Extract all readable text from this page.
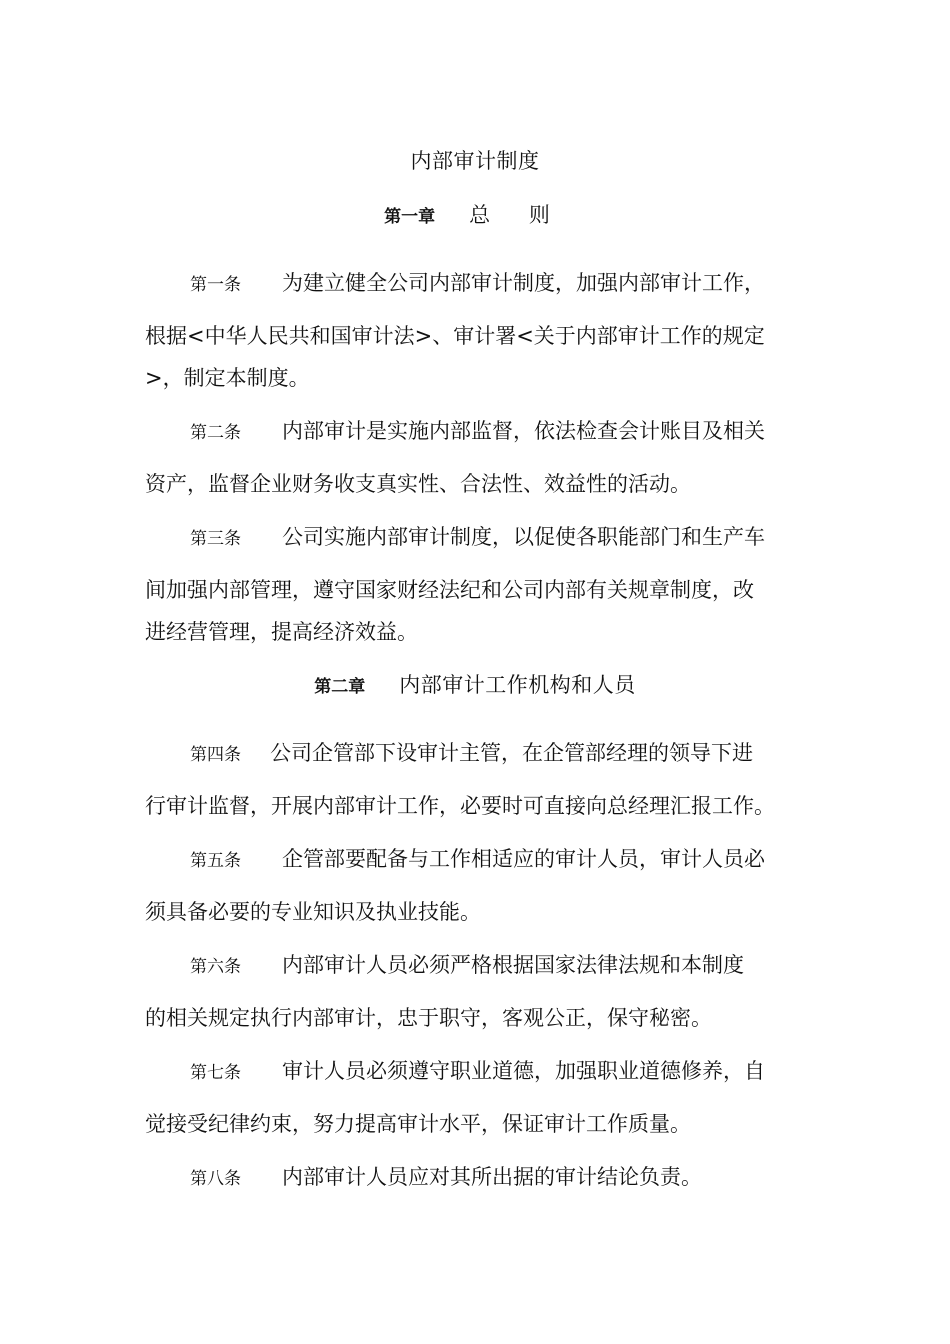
内部审计制度
第一章 总 则
第一条 为建立健全公司内部审计制度，加强内部审计工作，
根据<中华人民共和国审计法>、审计署<关于内部审计工作的规定
>，制定本制度。
第二条 内部审计是实施内部监督，依法检查会计账目及相关
资产，监督企业财务收支真实性、合法性、效益性的活动。
第三条 公司实施内部审计制度，以促使各职能部门和生产车
间加强内部管理，遵守国家财经法纪和公司内部有关规章制度，改
进经营管理，提高经济效益。
第二章 内部审计工作机构和人员
第四条 公司企管部下设审计主管，在企管部经理的领导下进
行审计监督，开展内部审计工作，必要时可直接向总经理汇报工作。
第五条 企管部要配备与工作相适应的审计人员，审计人员必
须具备必要的专业知识及执业技能。
第六条 内部审计人员必须严格根据国家法律法规和本制度
的相关规定执行内部审计，忠于职守，客观公正，保守秘密。
第七条 审计人员必须遵守职业道德，加强职业道德修养，自
觉接受纪律约束，努力提高审计水平，保证审计工作质量。
第八条 内部审计人员应对其所出据的审计结论负责。
